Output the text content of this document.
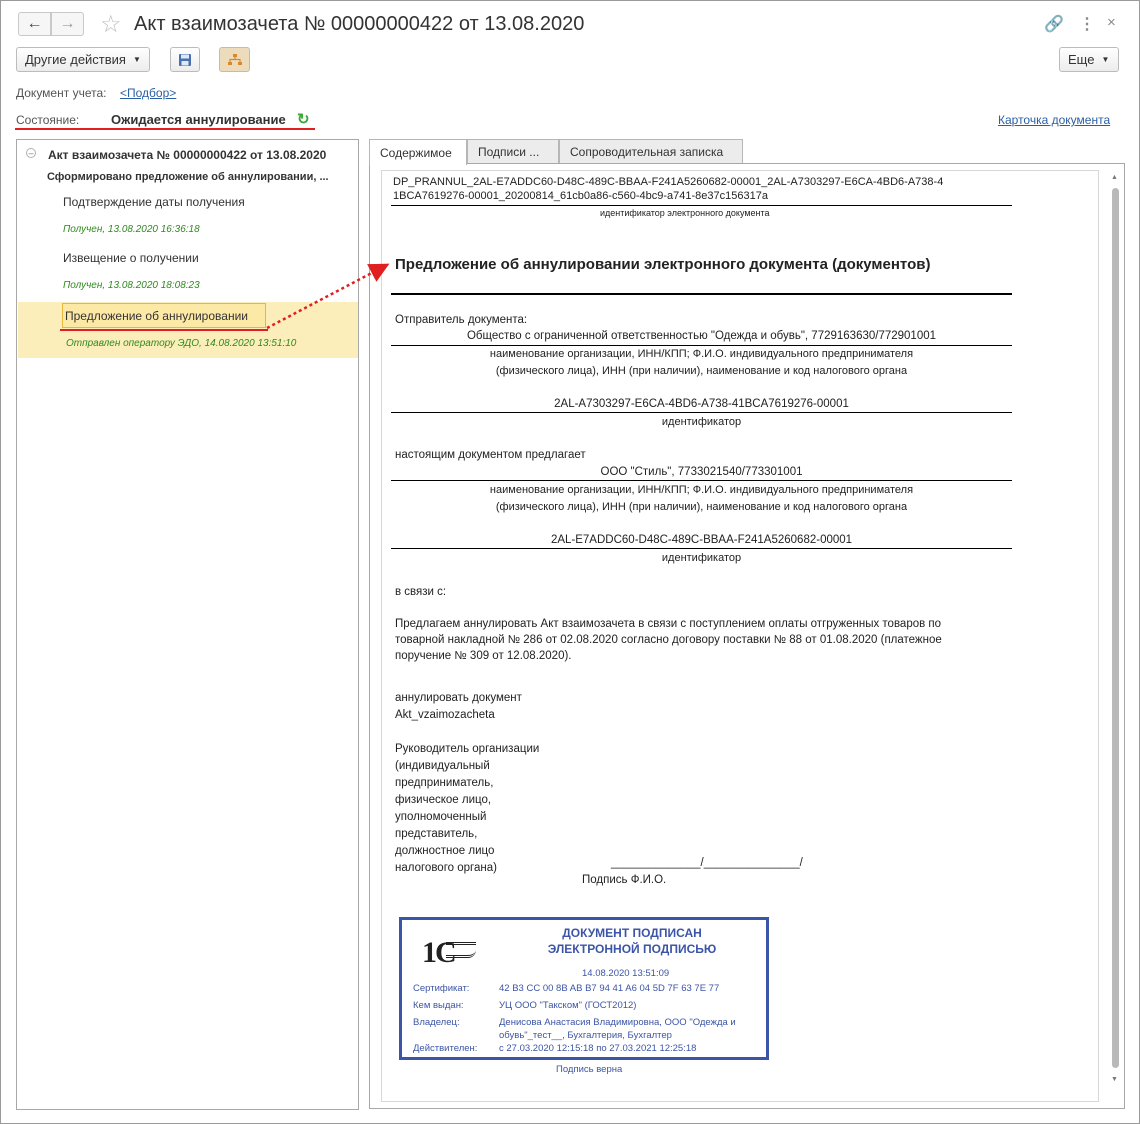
← → ☆ Акт взаимозачета № 00000000422 от 13.08.2020	🔗 ⋮ ×
Другие действия ▼	Еще ▼
Документ учета: <Подбор>
Состояние: Ожидается аннулирование ↻	Карточка документа
– Акт взаимозачета № 00000000422 от 13.08.2020
Сформировано предложение об аннулировании, ...
Подтверждение даты получения
Получен, 13.08.2020 16:36:18
Извещение о получении
Получен, 13.08.2020 18:08:23
Предложение об аннулировании
Отправлен оператору ЭДО, 14.08.2020 13:51:10
Содержимое	Подписи ...	Сопроводительная записка
DP_PRANNUL_2AL-E7ADDC60-D48C-489C-BBAA-F241A5260682-00001_2AL-A7303297-E6CA-4BD6-A738-4
1BCA7619276-00001_20200814_61cb0a86-c560-4bc9-a741-8e37c156317a
идентификатор электронного документа
Предложение об аннулировании электронного документа (документов)
Отправитель документа:
Общество с ограниченной ответственностью "Одежда и обувь", 7729163630/772901001
наименование организации, ИНН/КПП; Ф.И.О. индивидуального предпринимателя
(физического лица), ИНН (при наличии), наименование и код налогового органа
2AL-A7303297-E6CA-4BD6-A738-41BCA7619276-00001
идентификатор
настоящим документом предлагает
ООО "Стиль", 7733021540/773301001
наименование организации, ИНН/КПП; Ф.И.О. индивидуального предпринимателя
(физического лица), ИНН (при наличии), наименование и код налогового органа
2AL-E7ADDC60-D48C-489C-BBAA-F241A5260682-00001
идентификатор
в связи с:
Предлагаем аннулировать Акт взаимозачета в связи с поступлением оплаты отгруженных товаров по
товарной накладной № 286 от 02.08.2020 согласно договору поставки № 88 от 01.08.2020 (платежное
поручение № 309 от 12.08.2020).
аннулировать документ
Akt_vzaimozacheta
Руководитель организации
(индивидуальный
предприниматель,
физическое лицо,
уполномоченный
представитель,
должностное лицо
налогового органа)	______________/_______________/
Подпись Ф.И.О.
1С
ДОКУМЕНТ ПОДПИСАН
ЭЛЕКТРОННОЙ ПОДПИСЬЮ
14.08.2020 13:51:09
Сертификат:	42 B3 CC 00 8B AB B7 94 41 A6 04 5D 7F 63 7E 77
Кем выдан:	УЦ ООО "Такском" (ГОСТ2012)
Владелец:	Денисова Анастасия Владимировна, ООО "Одежда и
обувь"_тест__, Бухгалтерия, Бухгалтер
Действителен: с 27.03.2020 12:15:18 по 27.03.2021 12:25:18
Подпись верна
▲
▼
